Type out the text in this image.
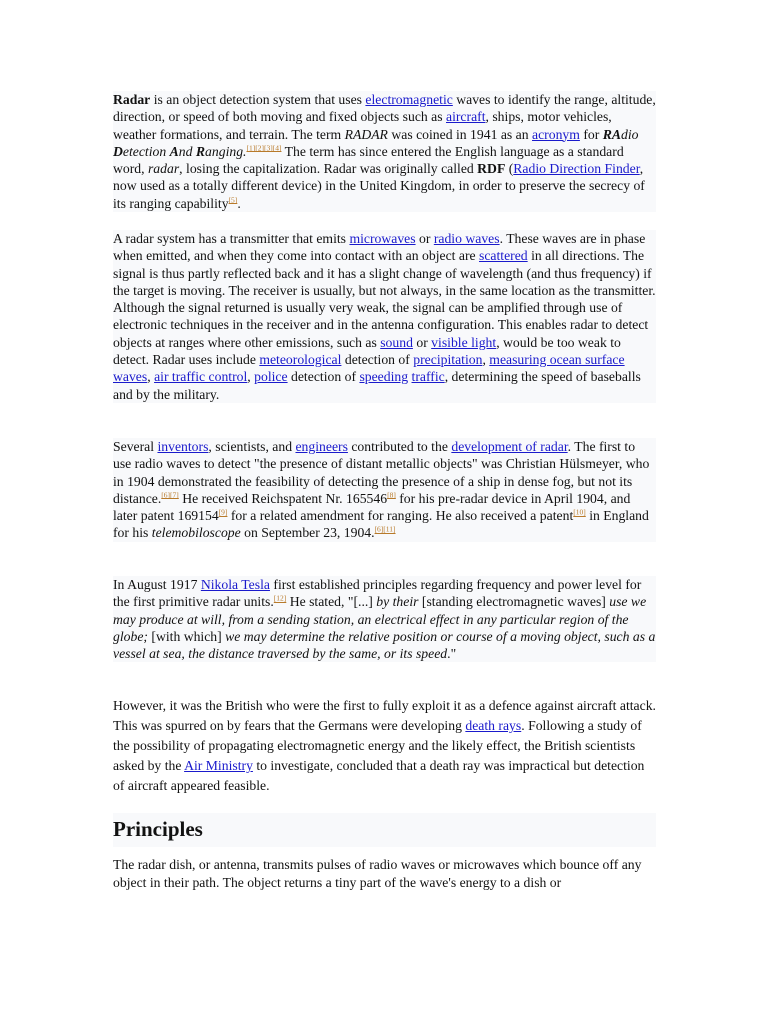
Radar is an object detection system that uses electromagnetic waves to identify the range, altitude, direction, or speed of both moving and fixed objects such as aircraft, ships, motor vehicles, weather formations, and terrain. The term RADAR was coined in 1941 as an acronym for RAdio Detection And Ranging.[1][2][3][4] The term has since entered the English language as a standard word, radar, losing the capitalization. Radar was originally called RDF (Radio Direction Finder, now used as a totally different device) in the United Kingdom, in order to preserve the secrecy of its ranging capability[5].
A radar system has a transmitter that emits microwaves or radio waves. These waves are in phase when emitted, and when they come into contact with an object are scattered in all directions. The signal is thus partly reflected back and it has a slight change of wavelength (and thus frequency) if the target is moving. The receiver is usually, but not always, in the same location as the transmitter. Although the signal returned is usually very weak, the signal can be amplified through use of electronic techniques in the receiver and in the antenna configuration. This enables radar to detect objects at ranges where other emissions, such as sound or visible light, would be too weak to detect. Radar uses include meteorological detection of precipitation, measuring ocean surface waves, air traffic control, police detection of speeding traffic, determining the speed of baseballs and by the military.
Several inventors, scientists, and engineers contributed to the development of radar. The first to use radio waves to detect "the presence of distant metallic objects" was Christian Hülsmeyer, who in 1904 demonstrated the feasibility of detecting the presence of a ship in dense fog, but not its distance.[6][7] He received Reichspatent Nr. 165546[8] for his pre-radar device in April 1904, and later patent 169154[9] for a related amendment for ranging. He also received a patent[10] in England for his telemobiloscope on September 23, 1904.[6][11]
In August 1917 Nikola Tesla first established principles regarding frequency and power level for the first primitive radar units.[12] He stated, "[...] by their [standing electromagnetic waves] use we may produce at will, from a sending station, an electrical effect in any particular region of the globe; [with which] we may determine the relative position or course of a moving object, such as a vessel at sea, the distance traversed by the same, or its speed."
However, it was the British who were the first to fully exploit it as a defence against aircraft attack. This was spurred on by fears that the Germans were developing death rays. Following a study of the possibility of propagating electromagnetic energy and the likely effect, the British scientists asked by the Air Ministry to investigate, concluded that a death ray was impractical but detection of aircraft appeared feasible.
Principles
The radar dish, or antenna, transmits pulses of radio waves or microwaves which bounce off any object in their path. The object returns a tiny part of the wave's energy to a dish or
